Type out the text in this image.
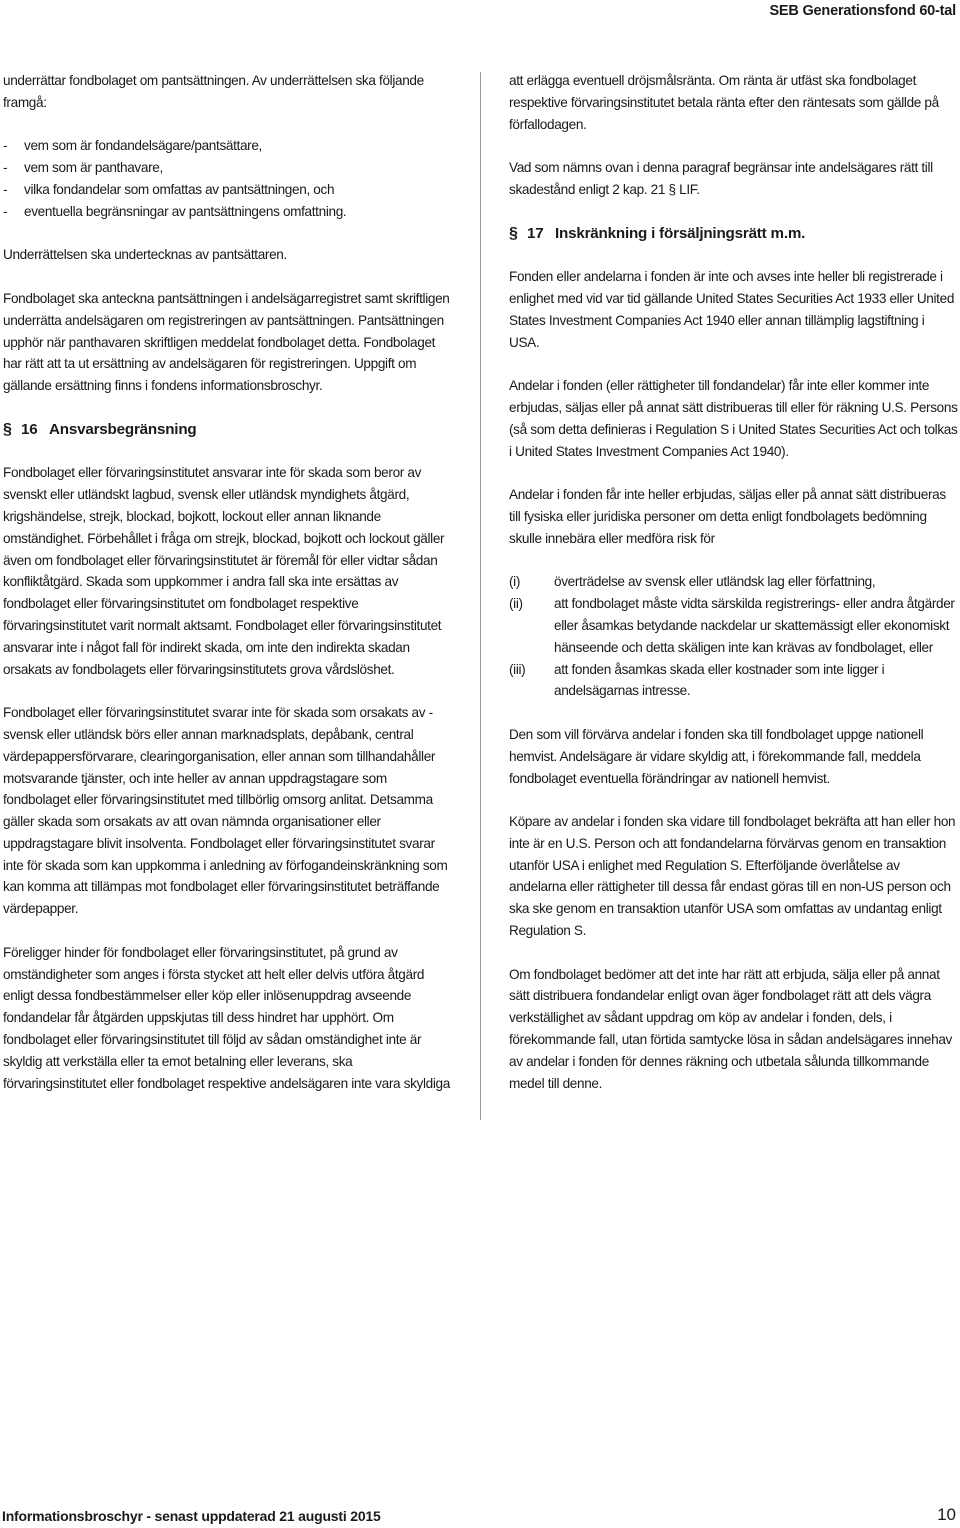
SEB Generationsfond 60-tal

underrättar fondbolaget om pantsättningen. Av underrättelsen ska följande framgå:

-	vem som är fondandelsägare/pantsättare,
-	vem som är panthavare,
-	vilka fondandelar som omfattas av pantsättningen, och
-	eventuella begränsningar av pantsättningens omfattning.

Underrättelsen ska undertecknas av pantsättaren.

Fondbolaget ska anteckna pantsättningen i andelsägarregistret samt skriftligen underrätta andelsägaren om registreringen av pantsättningen. Pantsättningen upphör när panthavaren skriftligen meddelat fondbolaget detta. Fondbolaget har rätt att ta ut ersättning av andelsägaren för registreringen. Uppgift om gällande ersättning finns i fondens informationsbroschyr.

§ 16 Ansvarsbegränsning

Fondbolaget eller förvaringsinstitutet ansvarar inte för skada som beror av svenskt eller utländskt lagbud, svensk eller utländsk myndighets åtgärd, krigshändelse, strejk, blockad, bojkott, lockout eller annan liknande omständighet. Förbehållet i fråga om strejk, blockad, bojkott och lockout gäller även om fondbolaget eller förvaringsinstitutet är föremål för eller vidtar sådan konfliktåtgärd. Skada som uppkommer i andra fall ska inte ersättas av fondbolaget eller förvaringsinstitutet om fondbolaget respektive förvaringsinstitutet varit normalt aktsamt. Fondbolaget eller förvaringsinstitutet ansvarar inte i något fall för indirekt skada, om inte den indirekta skadan orsakats av fondbolagets eller förvaringsinstitutets grova vårdslöshet.

Fondbolaget eller förvaringsinstitutet svarar inte för skada som orsakats av - svensk eller utländsk börs eller annan marknadsplats, depåbank, central värdepappersförvarare, clearingorganisation, eller annan som tillhandahåller motsvarande tjänster, och inte heller av annan uppdragstagare som fondbolaget eller förvaringsinstitutet med tillbörlig omsorg anlitat. Detsamma gäller skada som orsakats av att ovan nämnda organisationer eller uppdragstagare blivit insolventa. Fondbolaget eller förvaringsinstitutet svarar inte för skada som kan uppkomma i anledning av förfogandeinskränkning som kan komma att tillämpas mot fondbolaget eller förvaringsinstitutet beträffande värdepapper.

Föreligger hinder för fondbolaget eller förvaringsinstitutet, på grund av omständigheter som anges i första stycket att helt eller delvis utföra åtgärd enligt dessa fondbestämmelser eller köp eller inlösenuppdrag avseende fondandelar får åtgärden uppskjutas till dess hindret har upphört. Om fondbolaget eller förvaringsinstitutet till följd av sådan omständighet inte är skyldig att verkställa eller ta emot betalning eller leverans, ska förvaringsinstitutet eller fondbolaget respektive andelsägaren inte vara skyldiga

att erlägga eventuell dröjsmålsränta. Om ränta är utfäst ska fondbolaget respektive förvaringsinstitutet betala ränta efter den räntesats som gällde på förfallodagen.

Vad som nämns ovan i denna paragraf begränsar inte andelsägares rätt till skadestånd enligt 2 kap. 21 § LIF.

§ 17 Inskränkning i försäljningsrätt m.m.

Fonden eller andelarna i fonden är inte och avses inte heller bli registrerade i enlighet med vid var tid gällande United States Securities Act 1933 eller United States Investment Companies Act 1940 eller annan tillämplig lagstiftning i USA.

Andelar i fonden (eller rättigheter till fondandelar) får inte eller kommer inte erbjudas, säljas eller på annat sätt distribueras till eller för räkning U.S. Persons (så som detta definieras i Regulation S i United States Securities Act och tolkas i United States Investment Companies Act 1940).

Andelar i fonden får inte heller erbjudas, säljas eller på annat sätt distribueras till fysiska eller juridiska personer om detta enligt fondbolagets bedömning skulle innebära eller medföra risk för

(i)	överträdelse av svensk eller utländsk lag eller författning,
(ii)	att fondbolaget måste vidta särskilda registrerings- eller andra åtgärder eller åsamkas betydande nackdelar ur skattemässigt eller ekonomiskt hänseende och detta skäligen inte kan krävas av fondbolaget, eller
(iii)	att fonden åsamkas skada eller kostnader som inte ligger i andelsägarnas intresse.

Den som vill förvärva andelar i fonden ska till fondbolaget uppge nationell hemvist. Andelsägare är vidare skyldig att, i förekommande fall, meddela fondbolaget eventuella förändringar av nationell hemvist.

Köpare av andelar i fonden ska vidare till fondbolaget bekräfta att han eller hon inte är en U.S. Person och att fondandelarna förvärvas genom en transaktion utanför USA i enlighet med Regulation S. Efterföljande överlåtelse av andelarna eller rättigheter till dessa får endast göras till en non-US person och ska ske genom en transaktion utanför USA som omfattas av undantag enligt Regulation S.

Om fondbolaget bedömer att det inte har rätt att erbjuda, sälja eller på annat sätt distribuera fondandelar enligt ovan äger fondbolaget rätt att dels vägra verkställighet av sådant uppdrag om köp av andelar i fonden, dels, i förekommande fall, utan förtida samtycke lösa in sådan andelsägares innehav av andelar i fonden för dennes räkning och utbetala sålunda tillkommande medel till denne.

Informationsbroschyr - senast uppdaterad 21 augusti 2015	10
